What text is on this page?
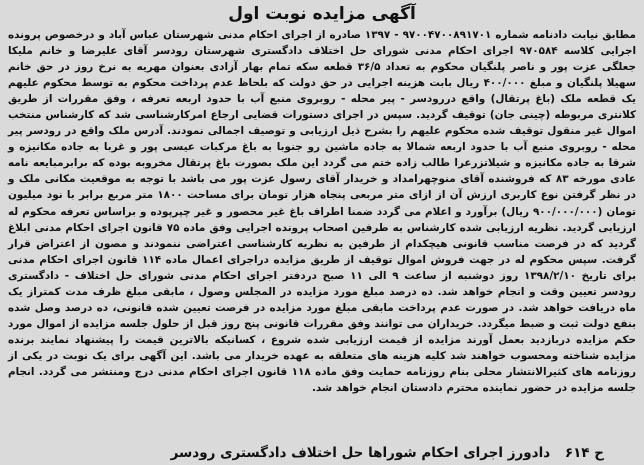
آگهی مزایده نوبت اول

مطابق نیابت دادنامه شماره ۹۷۰۰۴۷۰۰۸۹۱۷۰۱ - ۱۳۹۷ صادره از اجرای احکام مدنی شهرستان عباس آباد و درخصوص پرونده اجرایی کلاسه ۹۷۰۵۸۴ اجرای احکام مدنی شورای حل اختلاف دادگستری شهرستان رودسر آقای علیرضا و خانم ملیکا جعلگی عزت پور و ناصر پلنگیان محکوم به تعداد ۳۶/۵ قطعه سکه تمام بهار آزادی بعنوان مهریه به نرخ روز در حق خانم سهیلا پلنگیان و مبلغ ۴۰۰/۰۰۰ ریال بابت هزینه اجرایی در حق دولت که بلحاظ عدم پرداخت محکوم به توسط محکوم علیهم یک قطعه ملک (باغ پرتقال) واقع دررودسر - پیر محله - روبروی منبع آب با حدود اربعه تعرفه ، وفق مقررات از طریق کلانتری مربوطه (چینی جان) توقیف گردید. سپس در اجرای دستورات قضایی ارجاع امرکارشناسی شد که کارشناس منتخب اموال غیر منقول توقیف شده محکوم علیهم را بشرح ذیل ارزیابی و توصیف اجمالی نمودند. آدرس ملک واقع در رودسر پیر محله - روبروی منبع آب با حدود اربعه شمالا به جاده ماشین رو جنوبا به باغ مرکبات عیسی پور و غربا به جاده مکانیزه و شرقا به جاده مکانیزه و شیلاتزرعرا طالب زاده ختم می گردد این ملک بصورت باغ پرتقال مخروبه بوده که برابرمبایعه نامه عادی مورخه ۸۳ که فروشنده آقای منوچهرامداد و خریدار آقای رسول عزت پور می باشد با توجه به موقعیت مکانی ملک و در نظر گرفتن نوع کاربری ارزش آن از ازای متر مربعی پنجاه هزار تومان برای مساحت ۱۸۰۰ متر مربع برابر با نود میلیون تومان (۹۰۰/۰۰۰/۰۰۰ ریال) برآورد و اعلام می گردد ضمنا اطراف باغ غیر محصور و غیر چپرپوده و براساس تعرفه محکوم له ارزیابی گردید. نظریه ارزیابی شده کارشناس به طرفین اصحاب پرونده اجرایی وفق ماده ۷۵ قانون اجرای احکام مدنی ابلاغ گردید که در فرصت مناسب قانونی هیچکدام از طرفین به نظریه کارشناسی اعتراضی ننمودند و مصون از اعتراض قرار گرفت. سپس محکوم له در جهت فروش اموال توقیف از طریق مزایده دراجرای اعمال ماده ۱۱۴ قانون اجرای احکام مدنی برای تاریخ ۱۳۹۸/۲/۱۰ روز دوشنبه از ساعت ۹ الی ۱۱ صبح دردفتر اجرای احکام مدنی شورای حل اختلاف - دادگستری رودسر تعیین وقت و انجام خواهد شد. ده درصد مبلغ مورد مزایده در المجلس وصول ، مابقی مبلغ ظرف مدت کمتراز یک ماه دریافت خواهد شد. در صورت عدم پرداخت مابقی مبلغ مورد مزایده در فرصت تعیین شده قانونی، ده درصد وصل شده بنفع دولت ثبت و ضبط میگردد. خریداران می توانند وفق مقررات قانونی پنج روز قبل از حلول جلسه مزایده از اموال مورد حکم مزایده دربازدید بعمل آورند مزایده از قیمت ارزیابی شده شروع ، کسانیکه بالاترین قیمت را پیشنهاد نمایند برنده مزایده شناخته ومحسوب خواهند شد کلیه هزینه های متعلقه به عهده خریدار می باشد. این آگهی برای یک نوبت در یکی از روزنامه های کثیرالانتشار محلی بنام روزنامه حمایت وفق ماده ۱۱۸ قانون اجرای احکام مدنی درج ومنتشر می گردد. انجام جلسه مزایده در حضور نماینده محترم دادستان انجام خواهد شد.

ح ۶۱۴ دادورز اجرای احکام شوراها حل اختلاف دادگستری رودسر
